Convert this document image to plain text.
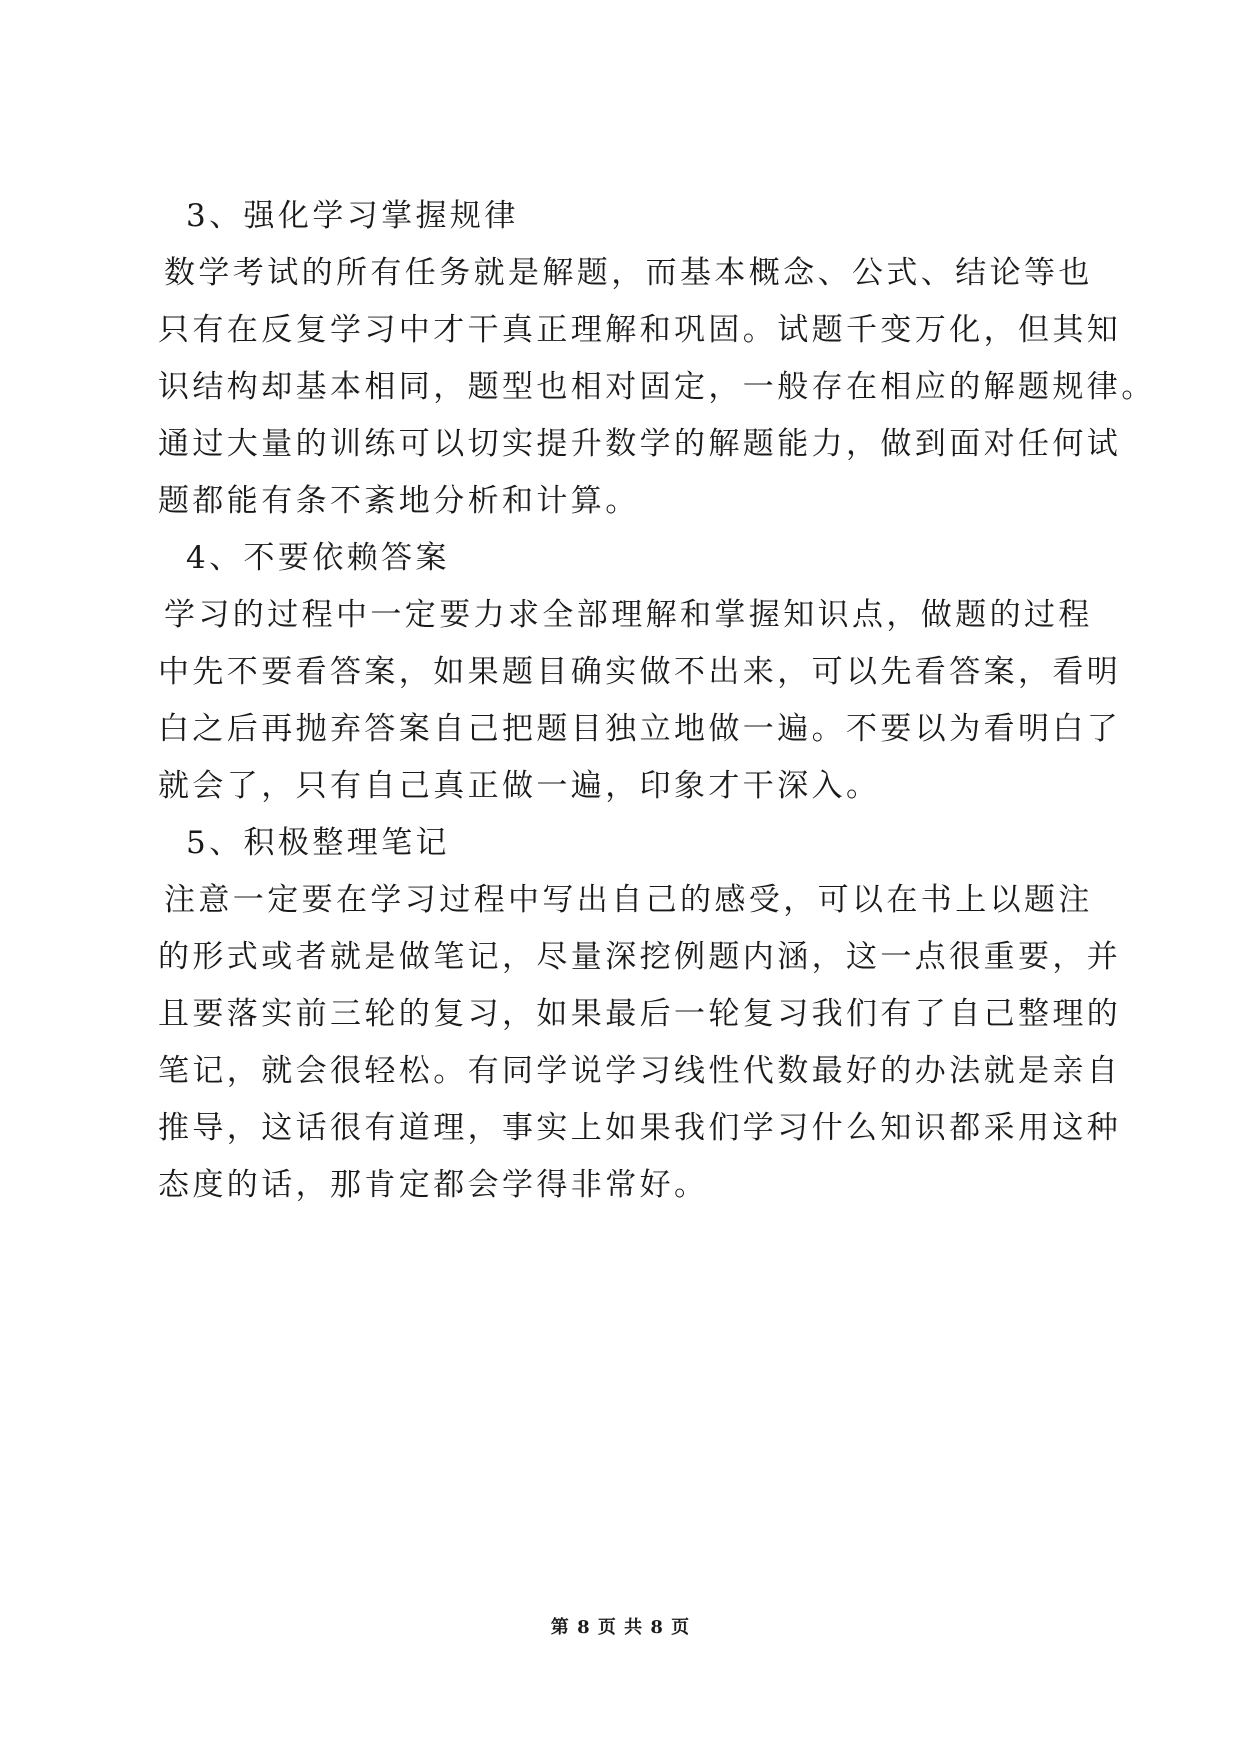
3、强化学习掌握规律

数学考试的所有任务就是解题，而基本概念、公式、结论等也
只有在反复学习中才干真正理解和巩固。试题千变万化，但其知
识结构却基本相同，题型也相对固定，一般存在相应的解题规律。
通过大量的训练可以切实提升数学的解题能力，做到面对任何试
题都能有条不紊地分析和计算。

4、不要依赖答案

学习的过程中一定要力求全部理解和掌握知识点，做题的过程
中先不要看答案，如果题目确实做不出来，可以先看答案，看明
白之后再抛弃答案自己把题目独立地做一遍。不要以为看明白了
就会了，只有自己真正做一遍，印象才干深入。

5、积极整理笔记

注意一定要在学习过程中写出自己的感受，可以在书上以题注
的形式或者就是做笔记，尽量深挖例题内涵，这一点很重要，并
且要落实前三轮的复习，如果最后一轮复习我们有了自己整理的
笔记，就会很轻松。有同学说学习线性代数最好的办法就是亲自
推导，这话很有道理，事实上如果我们学习什么知识都采用这种
态度的话，那肯定都会学得非常好。

第 8 页 共 8 页
